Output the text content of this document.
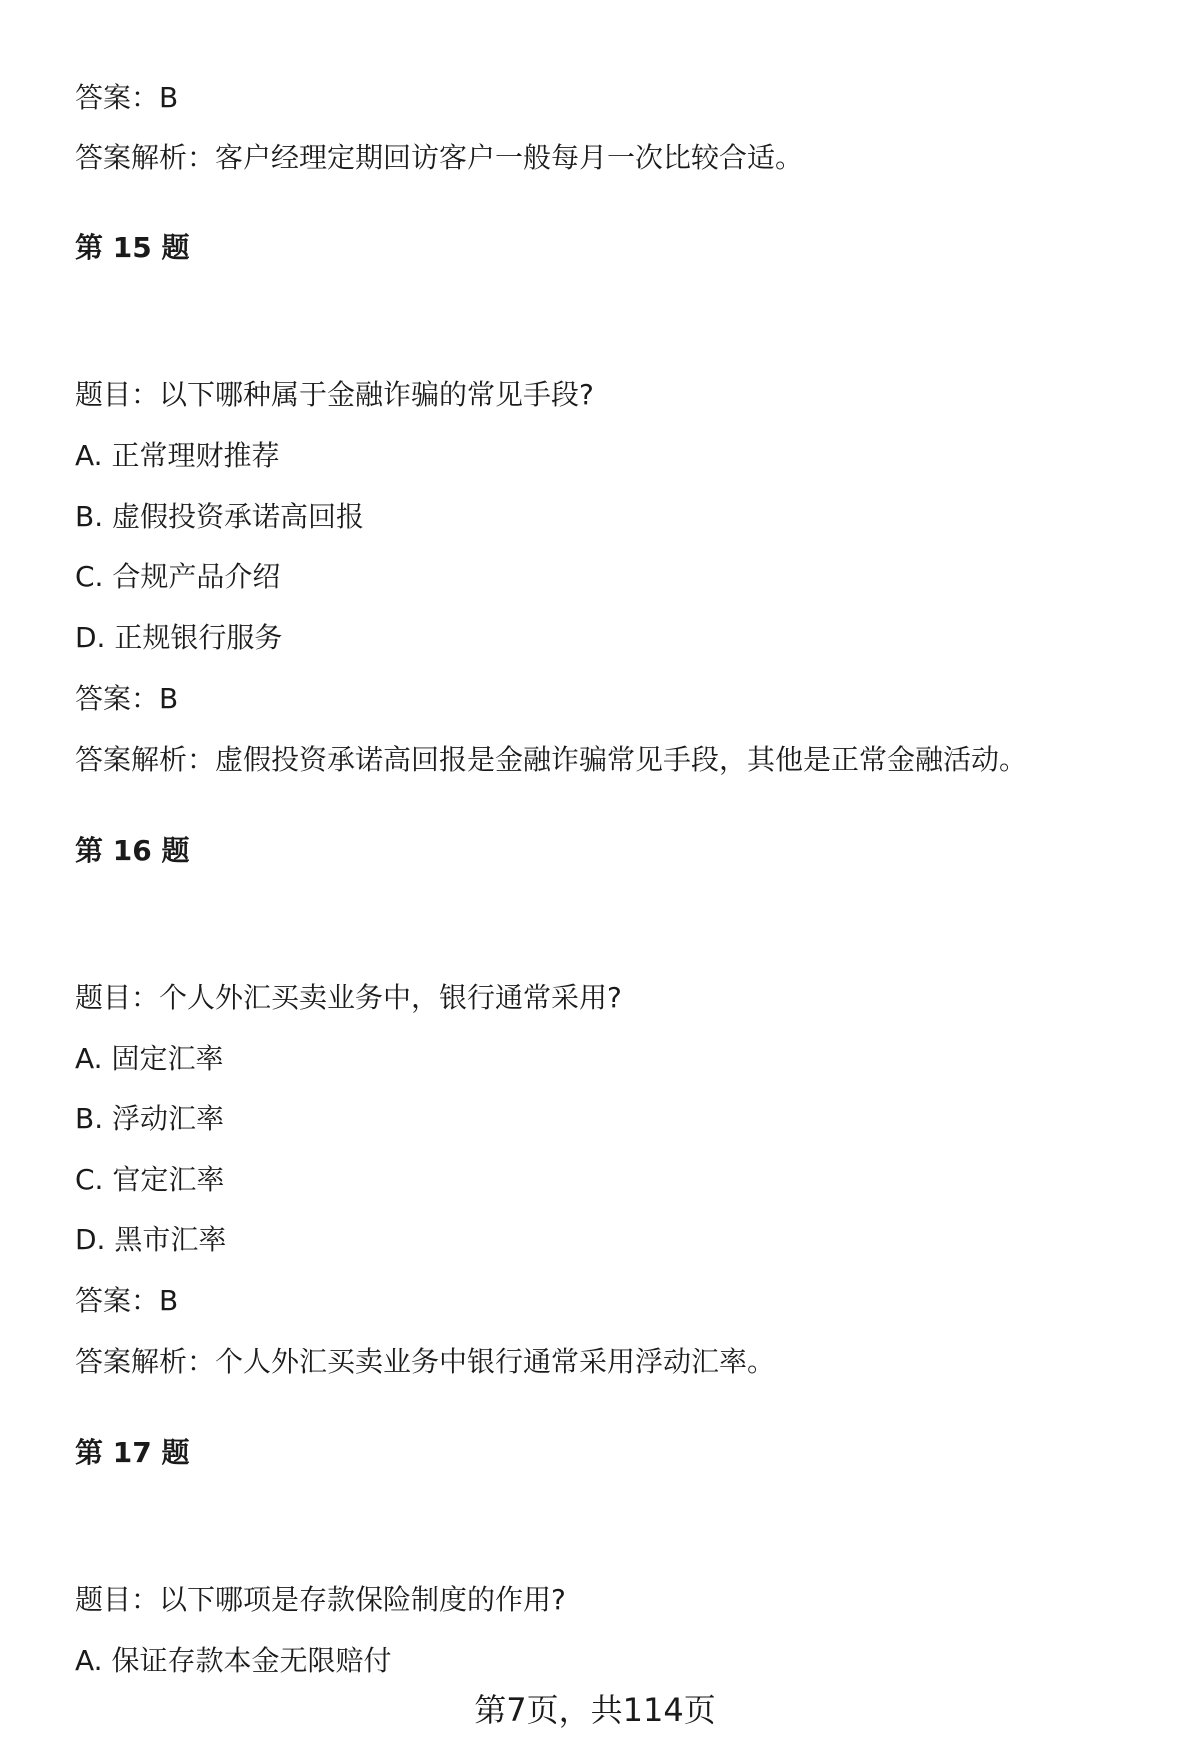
答案：B
答案解析：客户经理定期回访客户一般每月一次比较合适。
第 15 题
题目：以下哪种属于金融诈骗的常见手段?
A. 正常理财推荐
B. 虚假投资承诺高回报
C. 合规产品介绍
D. 正规银行服务
答案：B
答案解析：虚假投资承诺高回报是金融诈骗常见手段，其他是正常金融活动。
第 16 题
题目：个人外汇买卖业务中，银行通常采用?
A. 固定汇率
B. 浮动汇率
C. 官定汇率
D. 黑市汇率
答案：B
答案解析：个人外汇买卖业务中银行通常采用浮动汇率。
第 17 题
题目：以下哪项是存款保险制度的作用?
A. 保证存款本金无限赔付
第7页，共114页
